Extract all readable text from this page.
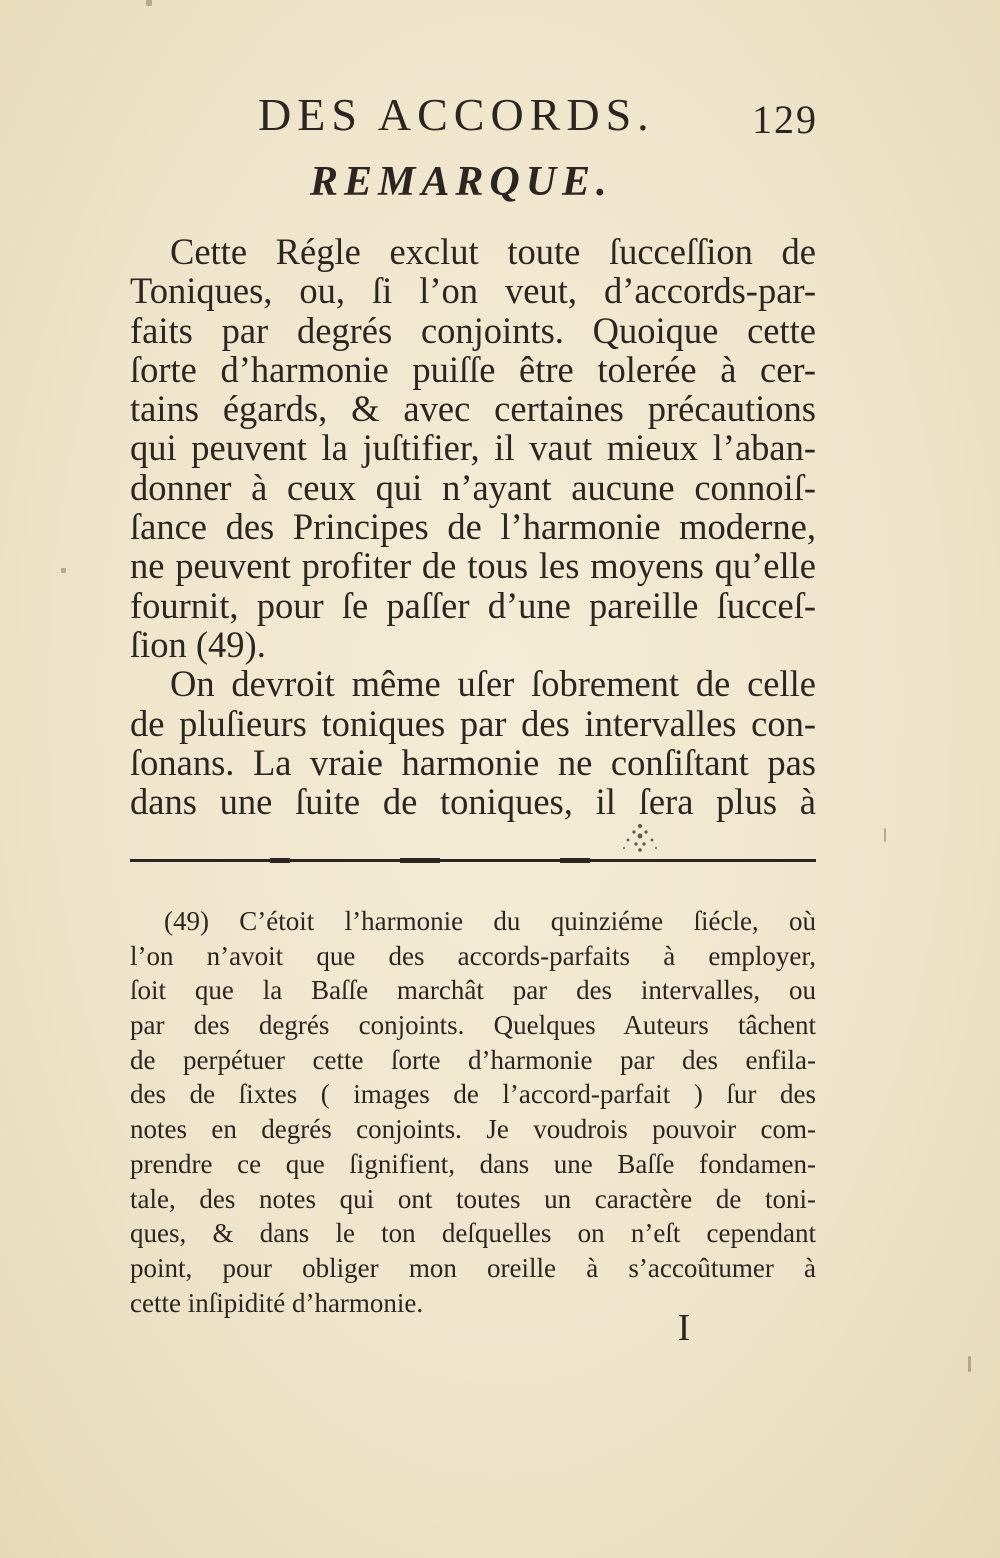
DES ACCORDS. 129
REMARQUE.
Cette Régle exclut toute ſucceſſion de
Toniques, ou, ſi l’on veut, d’accords-par-
faits par degrés conjoints. Quoique cette
ſorte d’harmonie puiſſe être tolerée à cer-
tains égards, & avec certaines précautions
qui peuvent la juſtifier, il vaut mieux l’aban-
donner à ceux qui n’ayant aucune connoiſ-
ſance des Principes de l’harmonie moderne,
ne peuvent profiter de tous les moyens qu’elle
fournit, pour ſe paſſer d’une pareille ſucceſ-
ſion (49).
On devroit même uſer ſobrement de celle
de pluſieurs toniques par des intervalles con-
ſonans. La vraie harmonie ne conſiſtant pas
dans une ſuite de toniques, il ſera plus à
(49) C’étoit l’harmonie du quinziéme ſiécle, où
l’on n’avoit que des accords-parfaits à employer,
ſoit que la Baſſe marchât par des intervalles, ou
par des degrés conjoints. Quelques Auteurs tâchent
de perpétuer cette ſorte d’harmonie par des enfila-
des de ſixtes ( images de l’accord-parfait ) ſur des
notes en degrés conjoints. Je voudrois pouvoir com-
prendre ce que ſignifient, dans une Baſſe fondamen-
tale, des notes qui ont toutes un caractère de toni-
ques, & dans le ton deſquelles on n’eſt cependant
point, pour obliger mon oreille à s’accoûtumer à
cette inſipidité d’harmonie.
I
